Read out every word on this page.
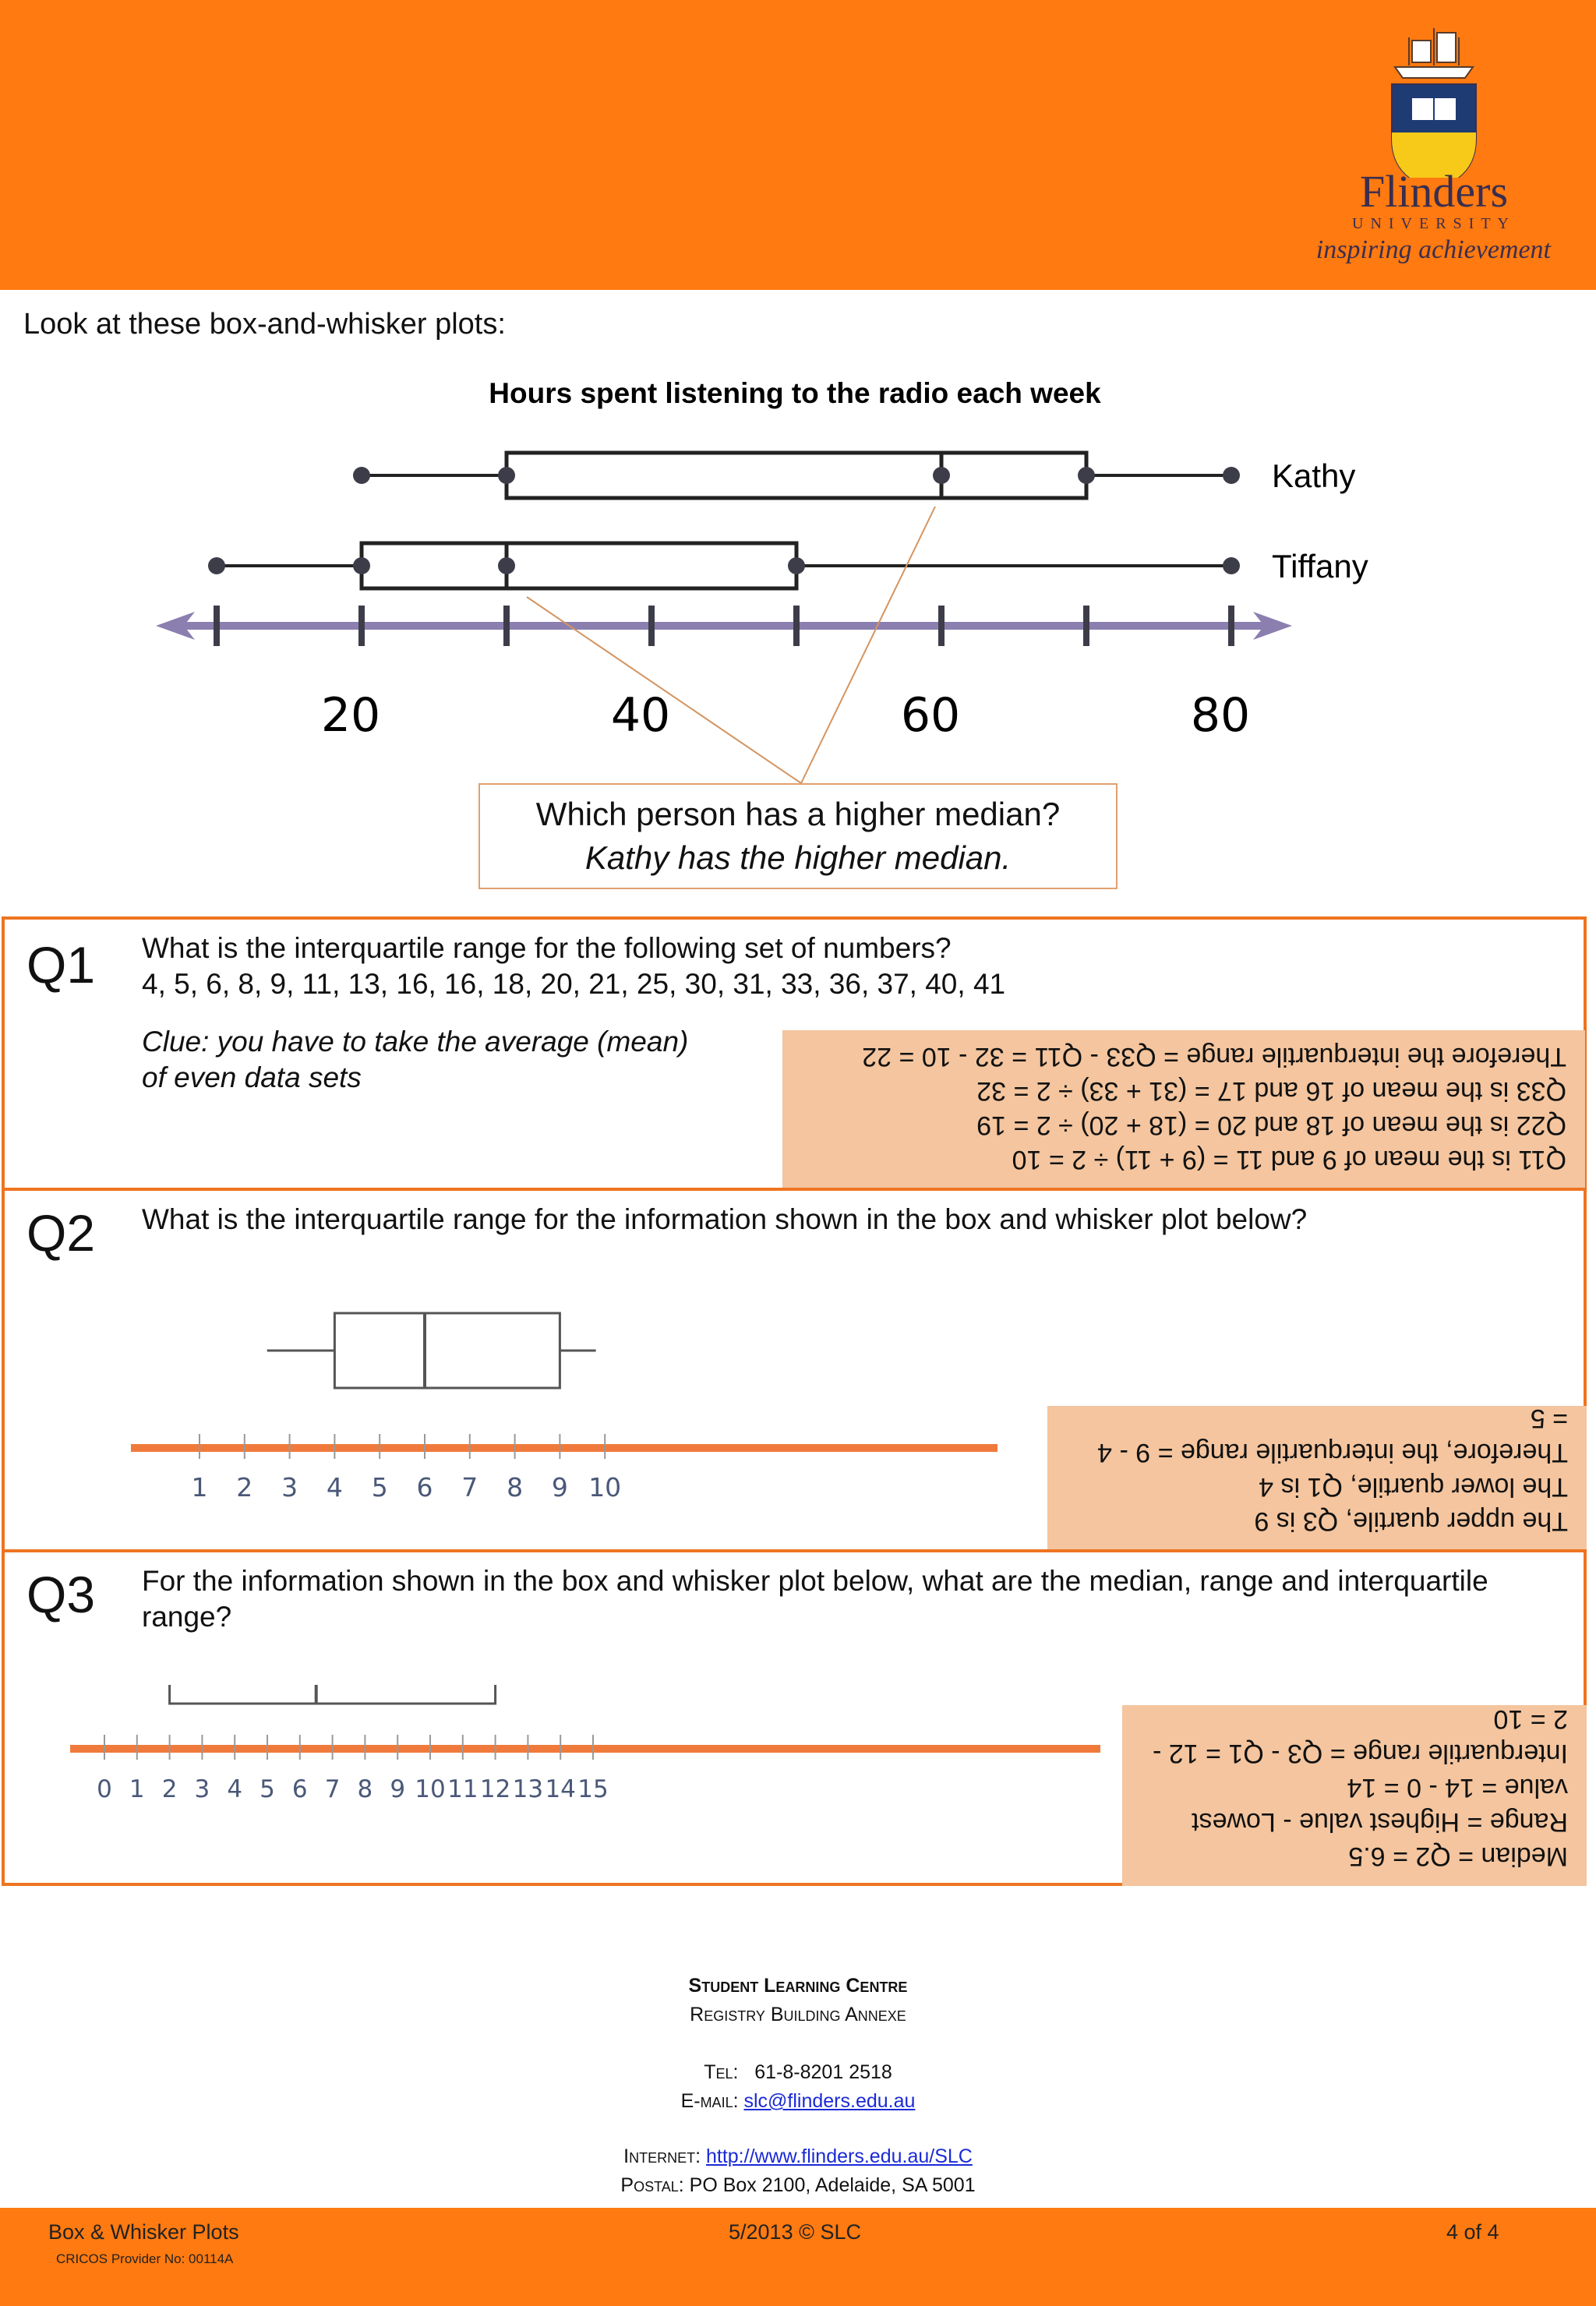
Flinders
UNIVERSITY
inspiring achievement
Look at these box-and-whisker plots:
Hours spent listening to the radio each week
20	40	60	80
Kathy
Tiffany
Which person has a higher median?
Kathy has the higher median.
Q1 What is the interquartile range for the following set of numbers?
4, 5, 6, 8, 9, 11, 13, 16, 16, 18, 20, 21, 25, 30, 31, 33, 36, 37, 40, 41
Clue: you have to take the average (mean)
of even data sets
Q11 is the mean of 9 and 11 = (9 + 11) ÷ 2 = 10
Q22 is the mean of 18 and 20 = (18 + 20) ÷ 2 = 19
Q33 is the mean of 16 and 17 = (31 + 33) ÷ 2 = 32
Therefore the interquartile range = Q33 - Q11 = 32 - 10 = 22
Q2 What is the interquartile range for the information shown in the box and whisker plot below?
1 2 3 4 5 6 7 8 9 10
The upper quartile, Q3 is 9
The lower quartile, Q1 is 4
Therefore, the interquartile range = 9 - 4
= 5
Q3 For the information shown in the box and whisker plot below, what are the median, range and interquartile range?
0 1 2 3 4 5 6 7 8 9 10 11 12 13 14 15
Median = Q2 = 6.5
Range = Highest value - Lowest
value = 14 - 0 = 14
Interquartile range = Q3 - Q1 = 12 -
2 = 10
Student Learning Centre
Registry Building Annexe
Tel: 61-8-8201 2518
E-mail: slc@flinders.edu.au
Internet: http://www.flinders.edu.au/SLC
Postal: PO Box 2100, Adelaide, SA 5001
Box & Whisker Plots
CRICOS Provider No: 00114A
5/2013 © SLC	4 of 4
